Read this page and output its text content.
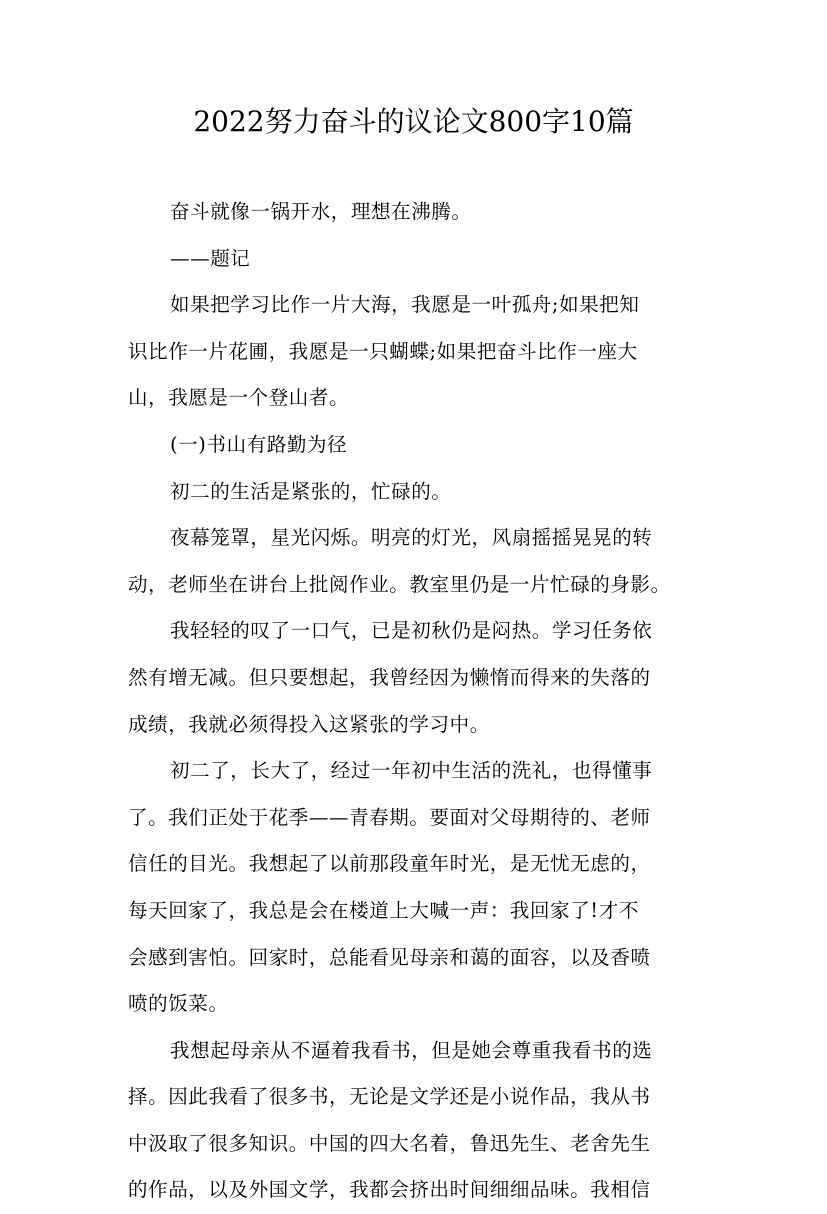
2022努力奋斗的议论文800字10篇
奋斗就像一锅开水，理想在沸腾。
——题记
如果把学习比作一片大海，我愿是一叶孤舟;如果把知
识比作一片花圃，我愿是一只蝴蝶;如果把奋斗比作一座大
山，我愿是一个登山者。
(一)书山有路勤为径
初二的生活是紧张的，忙碌的。
夜幕笼罩，星光闪烁。明亮的灯光，风扇摇摇晃晃的转
动，老师坐在讲台上批阅作业。教室里仍是一片忙碌的身影。
我轻轻的叹了一口气，已是初秋仍是闷热。学习任务依
然有增无减。但只要想起，我曾经因为懒惰而得来的失落的
成绩，我就必须得投入这紧张的学习中。
初二了，长大了，经过一年初中生活的洗礼，也得懂事
了。我们正处于花季——青春期。要面对父母期待的、老师
信任的目光。我想起了以前那段童年时光，是无忧无虑的，
每天回家了，我总是会在楼道上大喊一声：我回家了!才不
会感到害怕。回家时，总能看见母亲和蔼的面容，以及香喷
喷的饭菜。
我想起母亲从不逼着我看书，但是她会尊重我看书的选
择。因此我看了很多书，无论是文学还是小说作品，我从书
中汲取了很多知识。中国的四大名着，鲁迅先生、老舍先生
的作品，以及外国文学，我都会挤出时间细细品味。我相信
